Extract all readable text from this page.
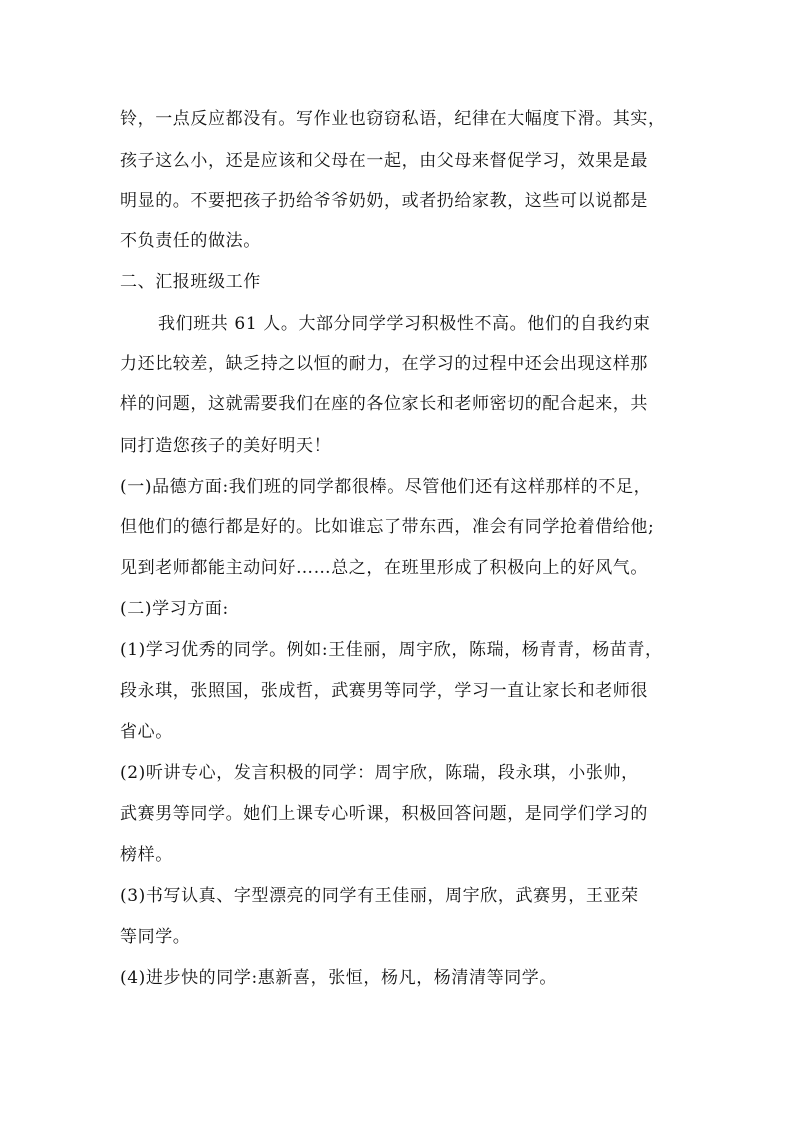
铃，一点反应都没有。写作业也窃窃私语，纪律在大幅度下滑。其实，
孩子这么小，还是应该和父母在一起，由父母来督促学习，效果是最
明显的。不要把孩子扔给爷爷奶奶，或者扔给家教，这些可以说都是
不负责任的做法。
二、汇报班级工作
我们班共 61 人。大部分同学学习积极性不高。他们的自我约束
力还比较差，缺乏持之以恒的耐力，在学习的过程中还会出现这样那
样的问题，这就需要我们在座的各位家长和老师密切的配合起来，共
同打造您孩子的美好明天！
(一)品德方面:我们班的同学都很棒。尽管他们还有这样那样的不足，
但他们的德行都是好的。比如谁忘了带东西，准会有同学抢着借给他;
见到老师都能主动问好……总之，在班里形成了积极向上的好风气。
(二)学习方面:
(1)学习优秀的同学。例如:王佳丽，周宇欣，陈瑞，杨青青，杨苗青，
段永琪，张照国，张成哲，武赛男等同学，学习一直让家长和老师很
省心。
(2)听讲专心，发言积极的同学：周宇欣，陈瑞，段永琪，小张帅，
武赛男等同学。她们上课专心听课，积极回答问题，是同学们学习的
榜样。
(3)书写认真、字型漂亮的同学有王佳丽，周宇欣，武赛男，王亚荣
等同学。
(4)进步快的同学:惠新喜，张恒，杨凡，杨清清等同学。
